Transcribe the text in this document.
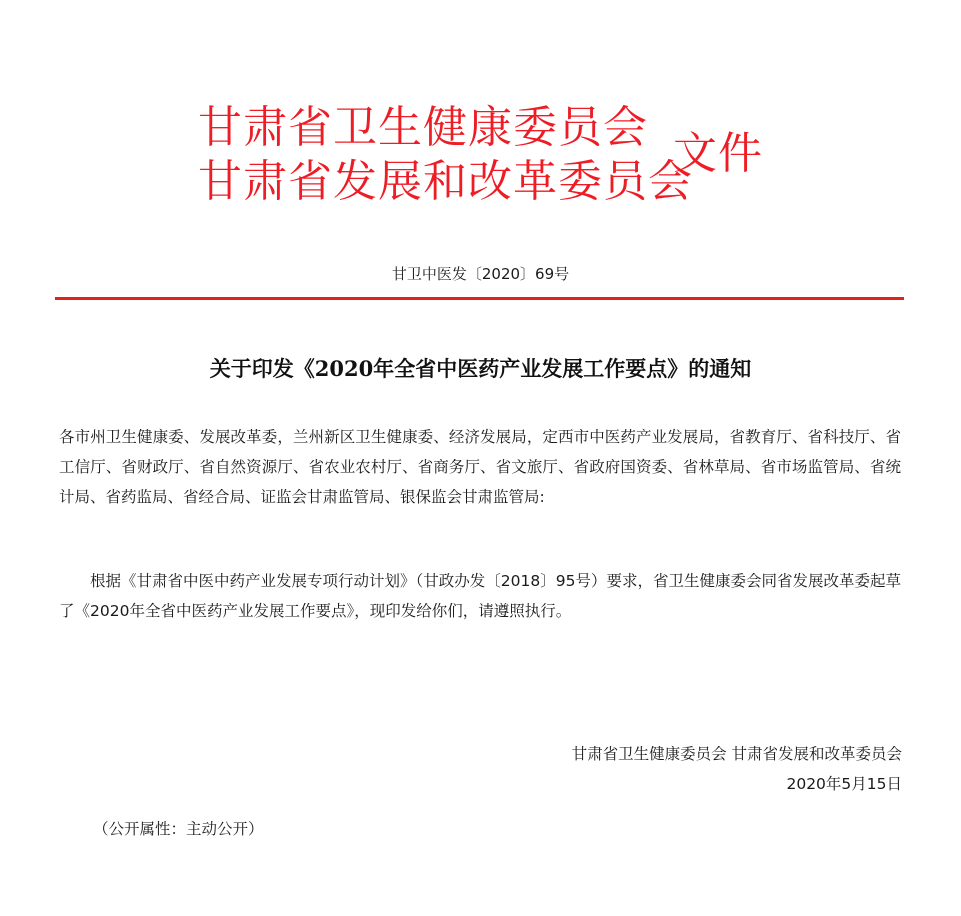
甘肃省卫生健康委员会
甘肃省发展和改革委员会
文件
甘卫中医发〔2020〕69号
关于印发《2020年全省中医药产业发展工作要点》的通知
各市州卫生健康委、发展改革委，兰州新区卫生健康委、经济发展局，定西市中医药产业发展局，省教育厅、省科技厅、省工信厅、省财政厅、省自然资源厅、省农业农村厅、省商务厅、省文旅厅、省政府国资委、省林草局、省市场监管局、省统计局、省药监局、省经合局、证监会甘肃监管局、银保监会甘肃监管局:
根据《甘肃省中医中药产业发展专项行动计划》（甘政办发〔2018〕95号）要求，省卫生健康委会同省发展改革委起草了《2020年全省中医药产业发展工作要点》，现印发给你们，请遵照执行。
甘肃省卫生健康委员会 甘肃省发展和改革委员会
2020年5月15日
（公开属性：主动公开）
